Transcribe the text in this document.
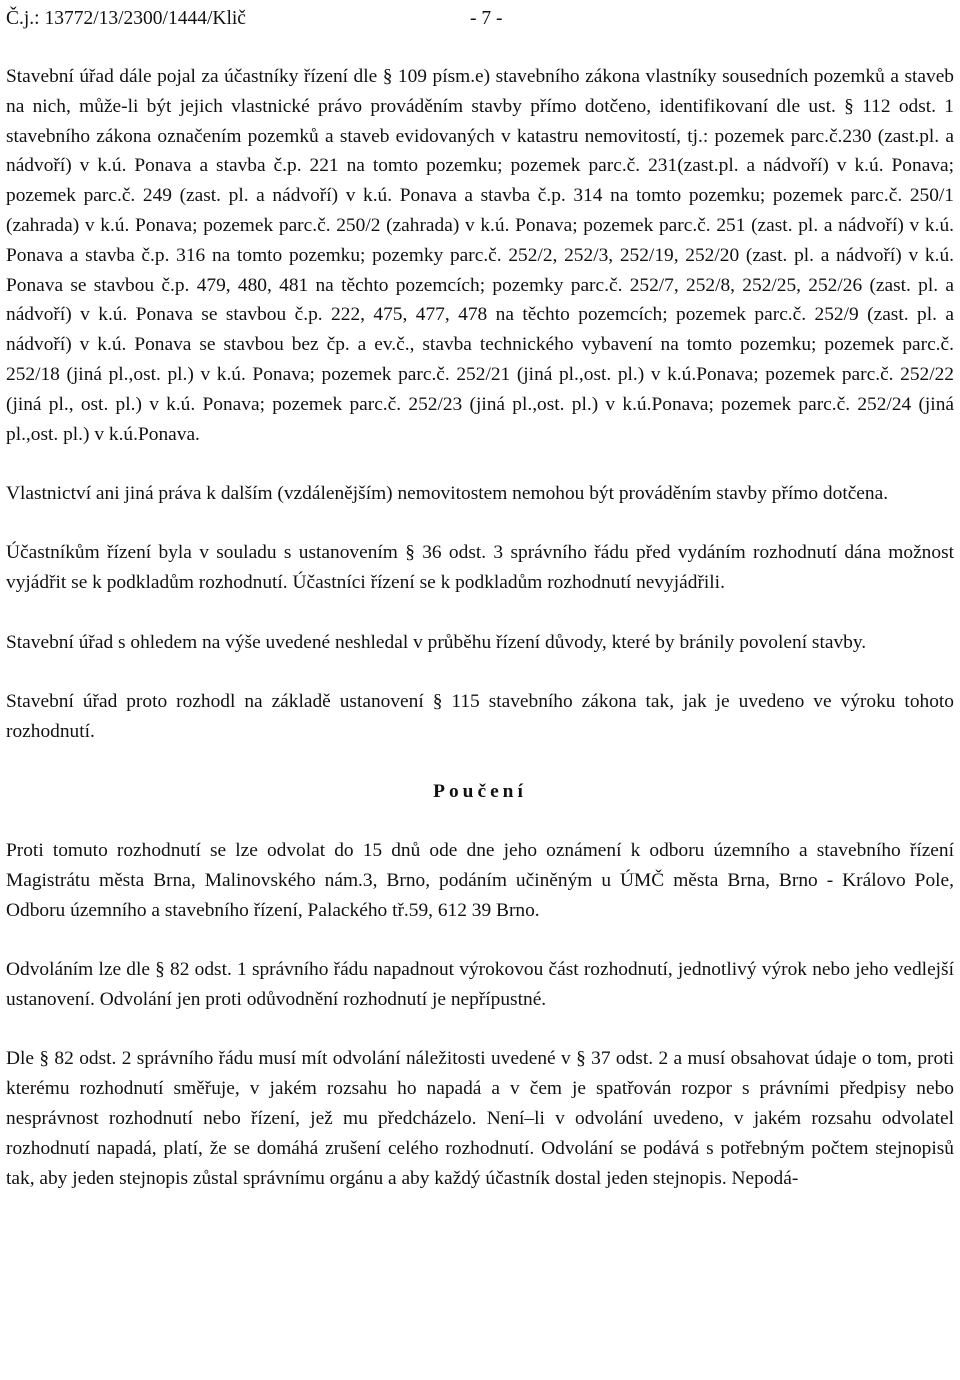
Č.j.: 13772/13/2300/1444/Klič	- 7 -

Stavební úřad dále pojal za účastníky řízení dle § 109 písm.e) stavebního zákona vlastníky sousedních pozemků a staveb na nich, může-li být jejich vlastnické právo prováděním stavby přímo dotčeno, identifikovaní dle ust. § 112 odst. 1 stavebního zákona označením pozemků a staveb evidovaných v katastru nemovitostí, tj.: pozemek parc.č.230 (zast.pl. a nádvoří) v k.ú. Ponava a stavba č.p. 221 na tomto pozemku; pozemek parc.č. 231(zast.pl. a nádvoří) v k.ú. Ponava; pozemek parc.č. 249 (zast. pl. a nádvoří) v k.ú. Ponava a stavba č.p. 314 na tomto pozemku; pozemek parc.č. 250/1 (zahrada) v k.ú. Ponava; pozemek parc.č. 250/2 (zahrada) v k.ú. Ponava; pozemek parc.č. 251 (zast. pl. a nádvoří) v k.ú. Ponava a stavba č.p. 316 na tomto pozemku; pozemky parc.č. 252/2, 252/3, 252/19, 252/20 (zast. pl. a nádvoří) v k.ú. Ponava se stavbou č.p. 479, 480, 481 na těchto pozemcích; pozemky parc.č. 252/7, 252/8, 252/25, 252/26 (zast. pl. a nádvoří) v k.ú. Ponava se stavbou č.p. 222, 475, 477, 478 na těchto pozemcích; pozemek parc.č. 252/9 (zast. pl. a nádvoří) v k.ú. Ponava se stavbou bez čp. a ev.č., stavba technického vybavení na tomto pozemku; pozemek parc.č. 252/18 (jiná pl.,ost. pl.) v k.ú. Ponava; pozemek parc.č. 252/21 (jiná pl.,ost. pl.) v k.ú.Ponava; pozemek parc.č. 252/22 (jiná pl., ost. pl.) v k.ú. Ponava; pozemek parc.č. 252/23 (jiná pl.,ost. pl.) v k.ú.Ponava; pozemek parc.č. 252/24 (jiná pl.,ost. pl.) v k.ú.Ponava.

Vlastnictví ani jiná práva k dalším (vzdálenějším) nemovitostem nemohou být prováděním stavby přímo dotčena.

Účastníkům řízení byla v souladu s ustanovením § 36 odst. 3 správního řádu před vydáním rozhodnutí dána možnost vyjádřit se k podkladům rozhodnutí. Účastníci řízení se k podkladům rozhodnutí nevyjádřili.

Stavební úřad s ohledem na výše uvedené neshledal v průběhu řízení důvody, které by bránily povolení stavby.

Stavební úřad proto rozhodl na základě ustanovení § 115 stavebního zákona tak, jak je uvedeno ve výroku tohoto rozhodnutí.

Poučení

Proti tomuto rozhodnutí se lze odvolat do 15 dnů ode dne jeho oznámení k odboru územního a stavebního řízení Magistrátu města Brna, Malinovského nám.3, Brno, podáním učiněným u ÚMČ města Brna, Brno - Královo Pole, Odboru územního a stavebního řízení, Palackého tř.59, 612 39 Brno.

Odvoláním lze dle § 82 odst. 1 správního řádu napadnout výrokovou část rozhodnutí, jednotlivý výrok nebo jeho vedlejší ustanovení. Odvolání jen proti odůvodnění rozhodnutí je nepřípustné.

Dle § 82 odst. 2 správního řádu musí mít odvolání náležitosti uvedené v § 37 odst. 2 a musí obsahovat údaje o tom, proti kterému rozhodnutí směřuje, v jakém rozsahu ho napadá a v čem je spatřován rozpor s právními předpisy nebo nesprávnost rozhodnutí nebo řízení, jež mu předcházelo. Není–li v odvolání uvedeno, v jakém rozsahu odvolatel rozhodnutí napadá, platí, že se domáhá zrušení celého rozhodnutí. Odvolání se podává s potřebným počtem stejnopisů tak, aby jeden stejnopis zůstal správnímu orgánu a aby každý účastník dostal jeden stejnopis. Nepodá-
